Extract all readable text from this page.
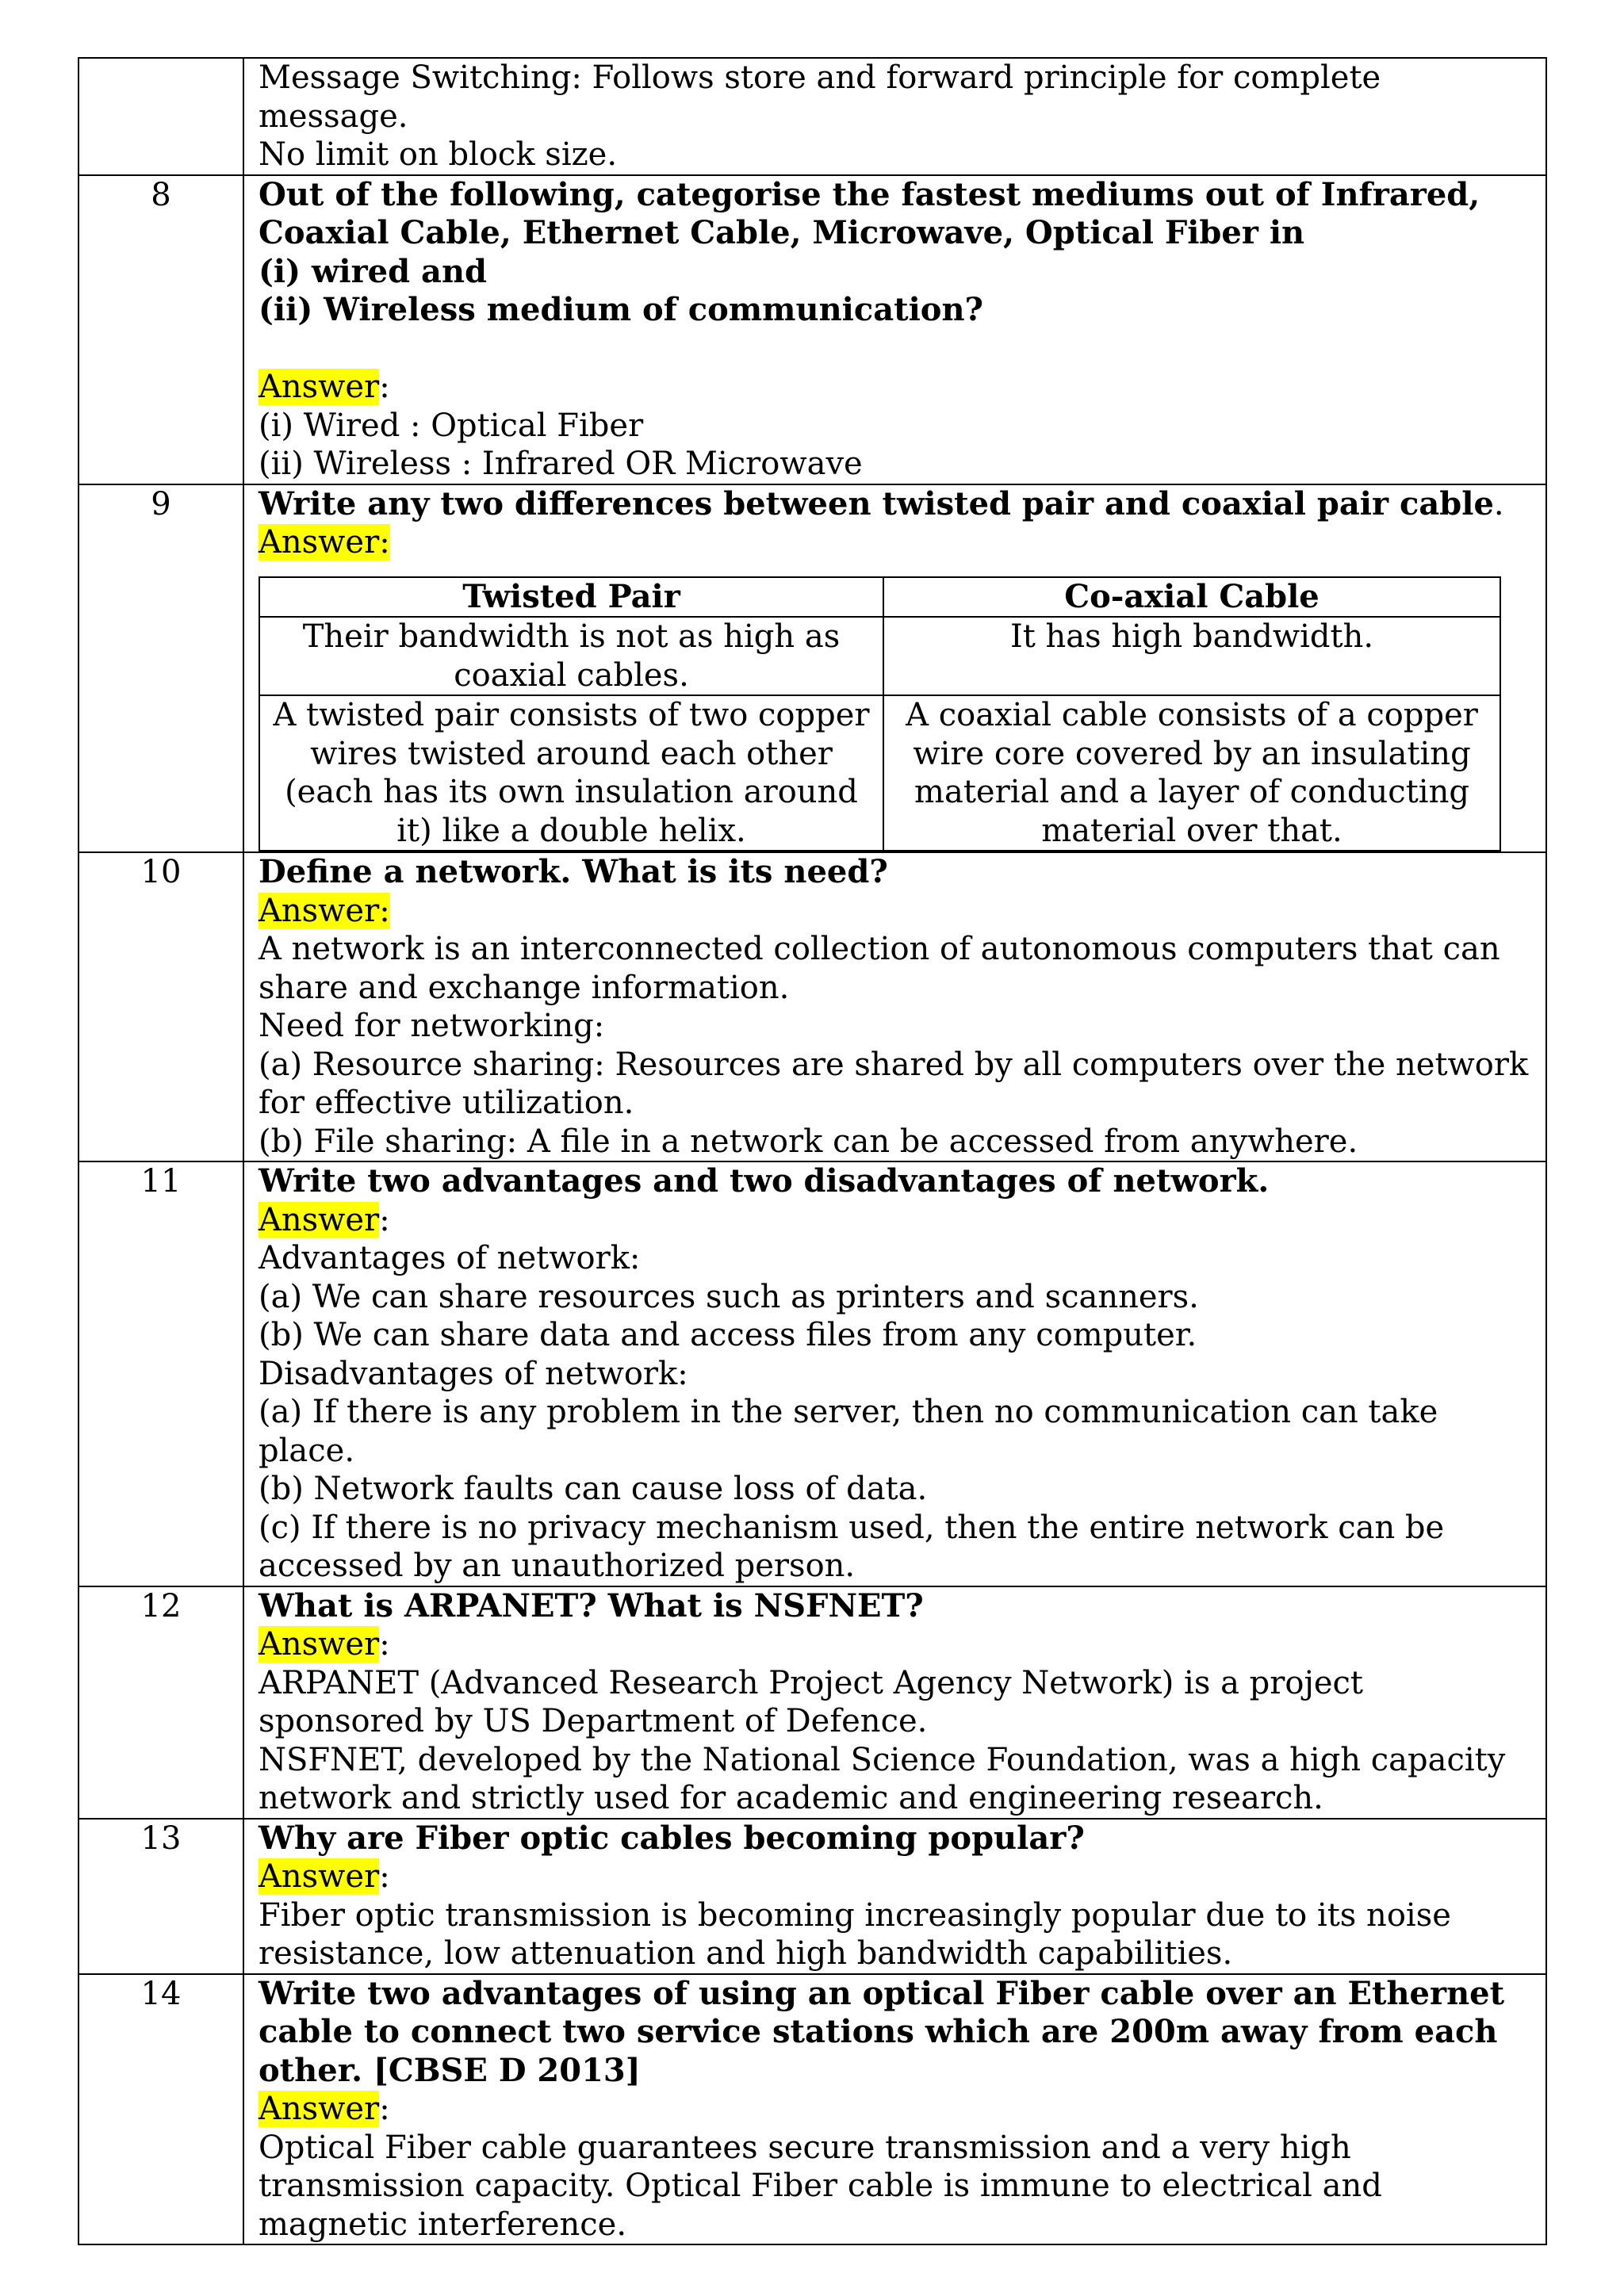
Message Switching: Follows store and forward principle for complete message.
No limit on block size.

8	Out of the following, categorise the fastest mediums out of Infrared,
Coaxial Cable, Ethernet Cable, Microwave, Optical Fiber in
(i) wired and
(ii) Wireless medium of communication?
Answer:
(i) Wired : Optical Fiber
(ii) Wireless : Infrared OR Microwave

9	Write any two differences between twisted pair and coaxial pair cable.
Answer:
Twisted Pair	Co-axial Cable
Their bandwidth is not as high as coaxial cables.	It has high bandwidth.
A twisted pair consists of two copper wires twisted around each other (each has its own insulation around it) like a double helix.	A coaxial cable consists of a copper wire core covered by an insulating material and a layer of conducting material over that.

10	Define a network. What is its need?
Answer:
A network is an interconnected collection of autonomous computers that can share and exchange information.
Need for networking:
(a) Resource sharing: Resources are shared by all computers over the network for effective utilization.
(b) File sharing: A file in a network can be accessed from anywhere.

11	Write two advantages and two disadvantages of network.
Answer:
Advantages of network:
(a) We can share resources such as printers and scanners.
(b) We can share data and access files from any computer.
Disadvantages of network:
(a) If there is any problem in the server, then no communication can take place.
(b) Network faults can cause loss of data.
(c) If there is no privacy mechanism used, then the entire network can be accessed by an unauthorized person.

12	What is ARPANET? What is NSFNET?
Answer:
ARPANET (Advanced Research Project Agency Network) is a project sponsored by US Department of Defence.
NSFNET, developed by the National Science Foundation, was a high capacity network and strictly used for academic and engineering research.

13	Why are Fiber optic cables becoming popular?
Answer:
Fiber optic transmission is becoming increasingly popular due to its noise resistance, low attenuation and high bandwidth capabilities.

14	Write two advantages of using an optical Fiber cable over an Ethernet cable to connect two service stations which are 200m away from each other. [CBSE D 2013]
Answer:
Optical Fiber cable guarantees secure transmission and a very high transmission capacity. Optical Fiber cable is immune to electrical and magnetic interference.
